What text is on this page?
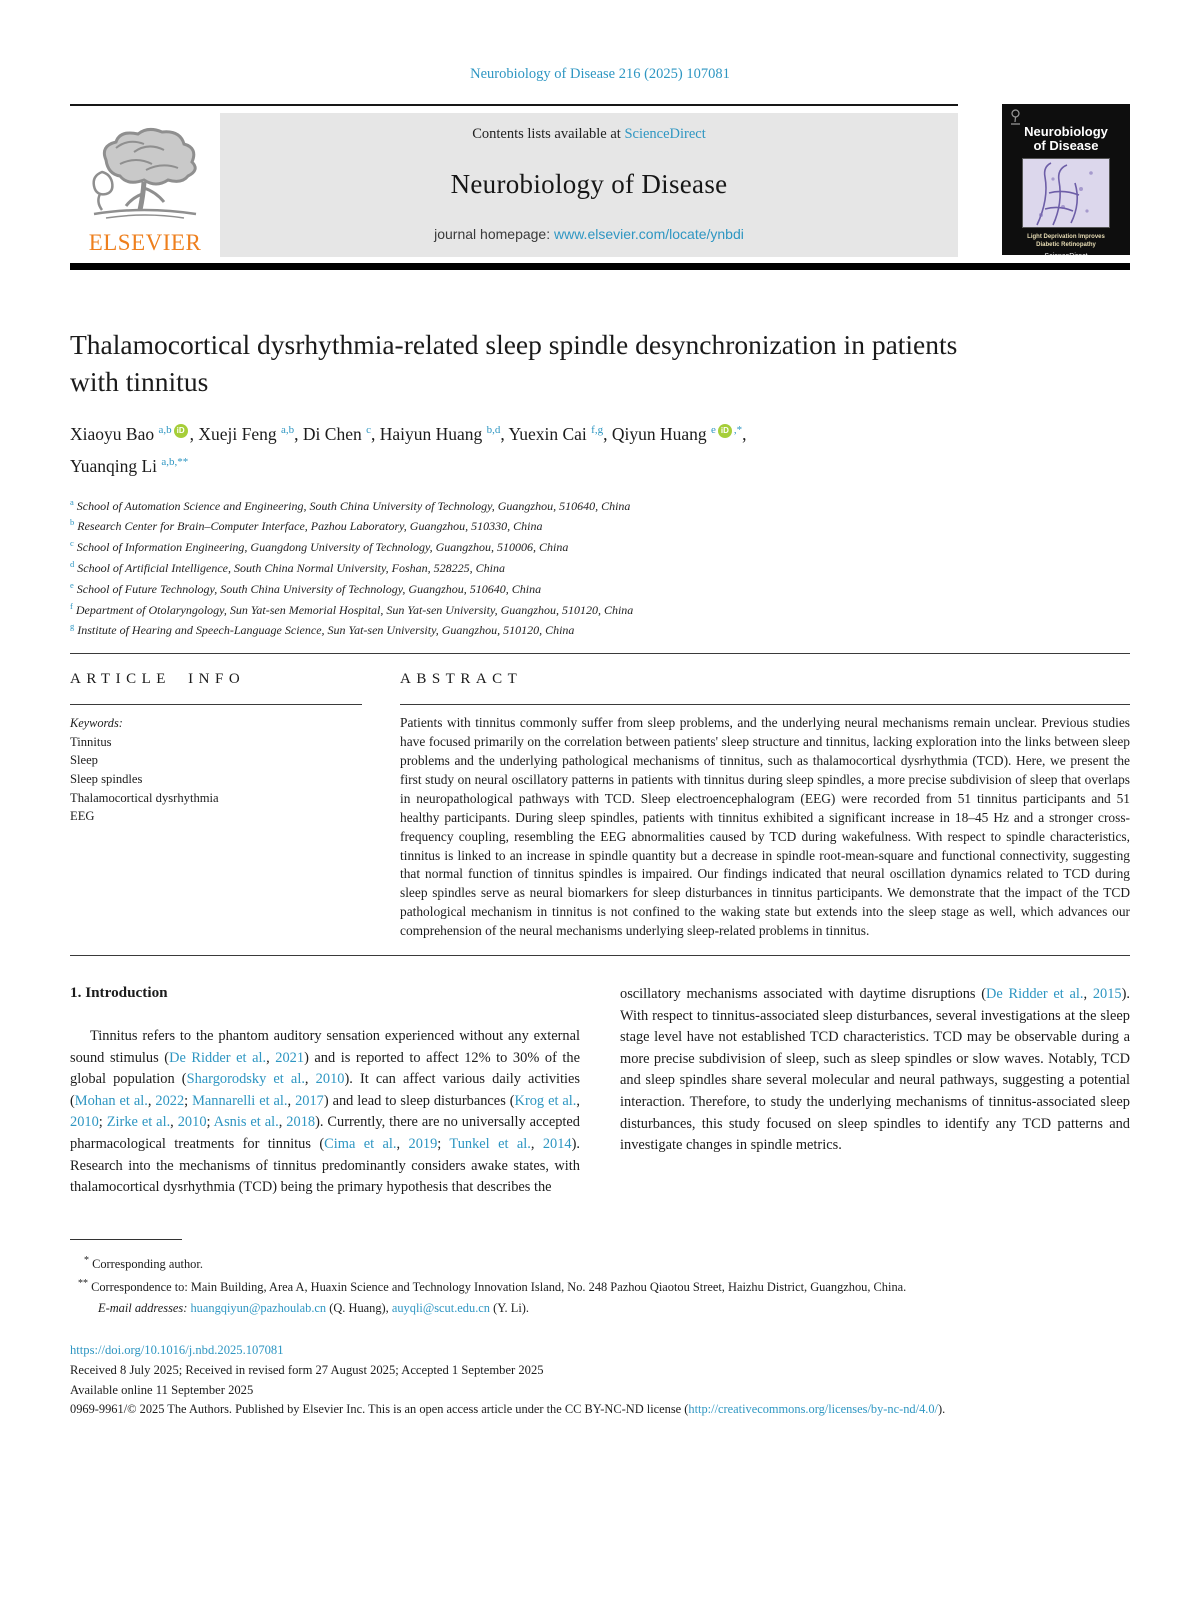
Neurobiology of Disease 216 (2025) 107081
ELSEVIER
Contents lists available at ScienceDirect
Neurobiology of Disease
journal homepage: www.elsevier.com/locate/ynbdi
Neurobiology
of Disease
Light Deprivation Improves
Diabetic Retinopathy
ScienceDirect
Thalamocortical dysrhythmia-related sleep spindle desynchronization in patients with tinnitus
Xiaoyu Bao $^{a,b}$ iD , Xueji Feng $^{a,b}$, Di Chen $^c$, Haiyun Huang $^{b,d}$, Yuexin Cai $^{f,g}$, Qiyun Huang $^e$ iD ,*,
Yuanqing Li $^{a,b,**}$
$^a$ School of Automation Science and Engineering, South China University of Technology, Guangzhou, 510640, China
$^b$ Research Center for Brain–Computer Interface, Pazhou Laboratory, Guangzhou, 510330, China
$^c$ School of Information Engineering, Guangdong University of Technology, Guangzhou, 510006, China
$^d$ School of Artificial Intelligence, South China Normal University, Foshan, 528225, China
$^e$ School of Future Technology, South China University of Technology, Guangzhou, 510640, China
$^f$ Department of Otolaryngology, Sun Yat-sen Memorial Hospital, Sun Yat-sen University, Guangzhou, 510120, China
$^g$ Institute of Hearing and Speech-Language Science, Sun Yat-sen University, Guangzhou, 510120, China
ARTICLE INFO
Keywords:
Tinnitus
Sleep
Sleep spindles
Thalamocortical dysrhythmia
EEG
ABSTRACT

Patients with tinnitus commonly suffer from sleep problems, and the underlying neural mechanisms remain unclear. Previous studies have focused primarily on the correlation between patients' sleep structure and tinnitus, lacking exploration into the links between sleep problems and the underlying pathological mechanisms of tinnitus, such as thalamocortical dysrhythmia (TCD). Here, we present the first study on neural oscillatory patterns in patients with tinnitus during sleep spindles, a more precise subdivision of sleep that overlaps in neuropathological pathways with TCD. Sleep electroencephalogram (EEG) were recorded from 51 tinnitus participants and 51 healthy participants. During sleep spindles, patients with tinnitus exhibited a significant increase in 18–45 Hz and a stronger cross-frequency coupling, resembling the EEG abnormalities caused by TCD during wakefulness. With respect to spindle characteristics, tinnitus is linked to an increase in spindle quantity but a decrease in spindle root-mean-square and functional connectivity, suggesting that normal function of tinnitus spindles is impaired. Our findings indicated that neural oscillation dynamics related to TCD during sleep spindles serve as neural biomarkers for sleep disturbances in tinnitus participants. We demonstrate that the impact of the TCD pathological mechanism in tinnitus is not confined to the waking state but extends into the sleep stage as well, which advances our comprehension of the neural mechanisms underlying sleep-related problems in tinnitus.

1. Introduction

Tinnitus refers to the phantom auditory sensation experienced without any external sound stimulus (De Ridder et al., 2021) and is reported to affect 12% to 30% of the global population (Shargorodsky et al., 2010). It can affect various daily activities (Mohan et al., 2022; Mannarelli et al., 2017) and lead to sleep disturbances (Krog et al., 2010; Zirke et al., 2010; Asnis et al., 2018). Currently, there are no universally accepted pharmacological treatments for tinnitus (Cima et al., 2019; Tunkel et al., 2014). Research into the mechanisms of tinnitus predominantly considers awake states, with thalamocortical dysrhythmia (TCD) being the primary hypothesis that describes the

oscillatory mechanisms associated with daytime disruptions (De Ridder et al., 2015). With respect to tinnitus-associated sleep disturbances, several investigations at the sleep stage level have not established TCD characteristics. TCD may be observable during a more precise subdivision of sleep, such as sleep spindles or slow waves. Notably, TCD and sleep spindles share several molecular and neural pathways, suggesting a potential interaction. Therefore, to study the underlying mechanisms of tinnitus-associated sleep disturbances, this study focused on sleep spindles to identify any TCD patterns and investigate changes in spindle metrics.

* Corresponding author.

** Correspondence to: Main Building, Area A, Huaxin Science and Technology Innovation Island, No. 248 Pazhou Qiaotou Street, Haizhu District, Guangzhou, China.

E-mail addresses: huangqiyun@pazhoulab.cn (Q. Huang), auyqli@scut.edu.cn (Y. Li).

https://doi.org/10.1016/j.nbd.2025.107081
Received 8 July 2025; Received in revised form 27 August 2025; Accepted 1 September 2025
Available online 11 September 2025

0969-9961/© 2025 The Authors. Published by Elsevier Inc. This is an open access article under the CC BY-NC-ND license (http://creativecommons.org/licenses/by-nc-nd/4.0/).
